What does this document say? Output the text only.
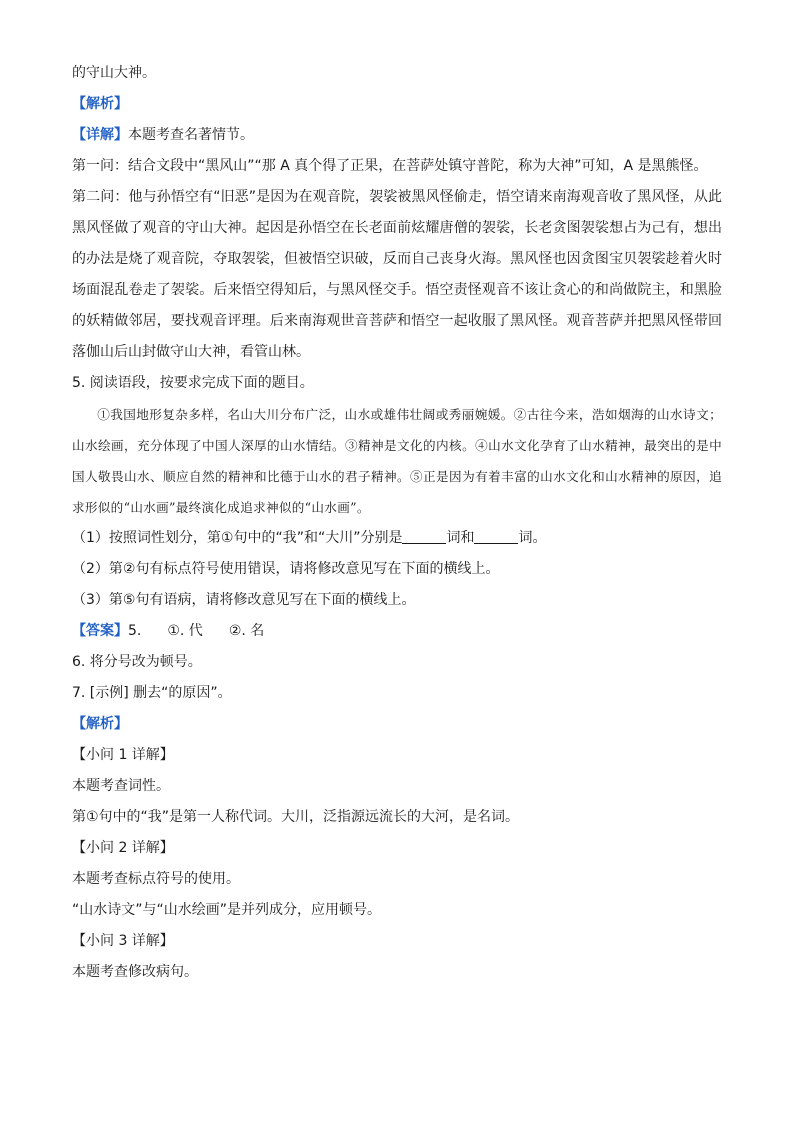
的守山大神。
【解析】
【详解】本题考查名著情节。
第一问：结合文段中“黑风山”“那 A 真个得了正果，在菩萨处镇守普陀，称为大神”可知，A 是黑熊怪。
第二问：他与孙悟空有“旧恶”是因为在观音院，袈裟被黑风怪偷走，悟空请来南海观音收了黑风怪，从此黑风怪做了观音的守山大神。起因是孙悟空在长老面前炫耀唐僧的袈裟，长老贪图袈裟想占为己有，想出的办法是烧了观音院，夺取袈裟，但被悟空识破，反而自己丧身火海。黑风怪也因贪图宝贝袈裟趁着火时场面混乱卷走了袈裟。后来悟空得知后，与黑风怪交手。悟空责怪观音不该让贪心的和尚做院主，和黑脸的妖精做邻居，要找观音评理。后来南海观世音菩萨和悟空一起收服了黑风怪。观音菩萨并把黑风怪带回落伽山后山封做守山大神，看管山林。
5. 阅读语段，按要求完成下面的题目。
①我国地形复杂多样，名山大川分布广泛，山水或雄伟壮阔或秀丽婉媛。②古往今来，浩如烟海的山水诗文；山水绘画，充分体现了中国人深厚的山水情结。③精神是文化的内核。④山水文化孕育了山水精神，最突出的是中国人敬畏山水、顺应自然的精神和比德于山水的君子精神。⑤正是因为有着丰富的山水文化和山水精神的原因，追求形似的“山水画”最终演化成追求神似的“山水画”。
（1）按照词性划分，第①句中的“我”和“大川”分别是	词和	词。
（2）第②句有标点符号使用错误，请将修改意见写在下面的横线上。
（3）第⑤句有语病，请将修改意见写在下面的横线上。
【答案】5. ①. 代 ②. 名
6. 将分号改为顿号。
7. [示例] 删去“的原因”。
【解析】
【小问 1 详解】
本题考查词性。
第①句中的“我”是第一人称代词。大川，泛指源远流长的大河，是名词。
【小问 2 详解】
本题考查标点符号的使用。
“山水诗文”与“山水绘画”是并列成分，应用顿号。
【小问 3 详解】
本题考查修改病句。
